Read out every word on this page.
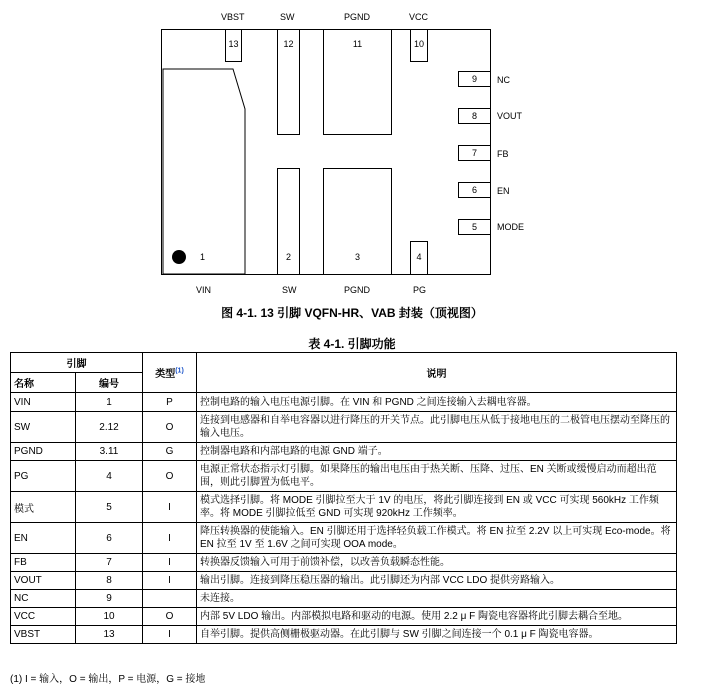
VBST	SW	PGND	VCC
1
13	12	11	10
2	3	4
9
8
7
6
5
NC
VOUT
FB
EN
MODE
VIN	SW	PGND	PG
图 4-1. 13 引脚 VQFN-HR、VAB 封装（顶视图）
表 4-1. 引脚功能
引脚		类型$^{(1)}$	说明
名称	编号		
VIN	1	P	控制电路的输入电压电源引脚。在 VIN 和 PGND 之间连接输入去耦电容器。
SW	2.12	O	连接到电感器和自举电容器以进行降压的开关节点。此引脚电压从低于接地电压的二极管电压摆动至降压的输入电压。
PGND	3.11	G	控制器电路和内部电路的电源 GND 端子。
PG	4	O	电源正常状态指示灯引脚。如果降压的输出电压由于热关断、压降、过压、EN 关断或缓慢启动而超出范围，则此引脚置为低电平。
模式	5	I	模式选择引脚。将 MODE 引脚拉至大于 1V 的电压，将此引脚连接到 EN 或 VCC 可实现 560kHz 工作频率。将 MODE 引脚拉低至 GND 可实现 920kHz 工作频率。
EN	6	I	降压转换器的使能输入。EN 引脚还用于选择轻负载工作模式。将 EN 拉至 2.2V 以上可实现 Eco-mode。将 EN 拉至 1V 至 1.6V 之间可实现 OOA mode。
FB	7	I	转换器反馈输入可用于前馈补偿，以改善负载瞬态性能。
VOUT	8	I	输出引脚。连接到降压稳压器的输出。此引脚还为内部 VCC LDO 提供旁路输入。
NC	9		未连接。
VCC	10	O	内部 5V LDO 输出。内部模拟电路和驱动的电源。使用 2.2 μ F 陶瓷电容器将此引脚去耦合至地。
VBST	13	I	自举引脚。提供高侧栅极驱动器。在此引脚与 SW 引脚之间连接一个 0.1 μ F 陶瓷电容器。
(1) I = 输入，O = 输出，P = 电源，G = 接地
